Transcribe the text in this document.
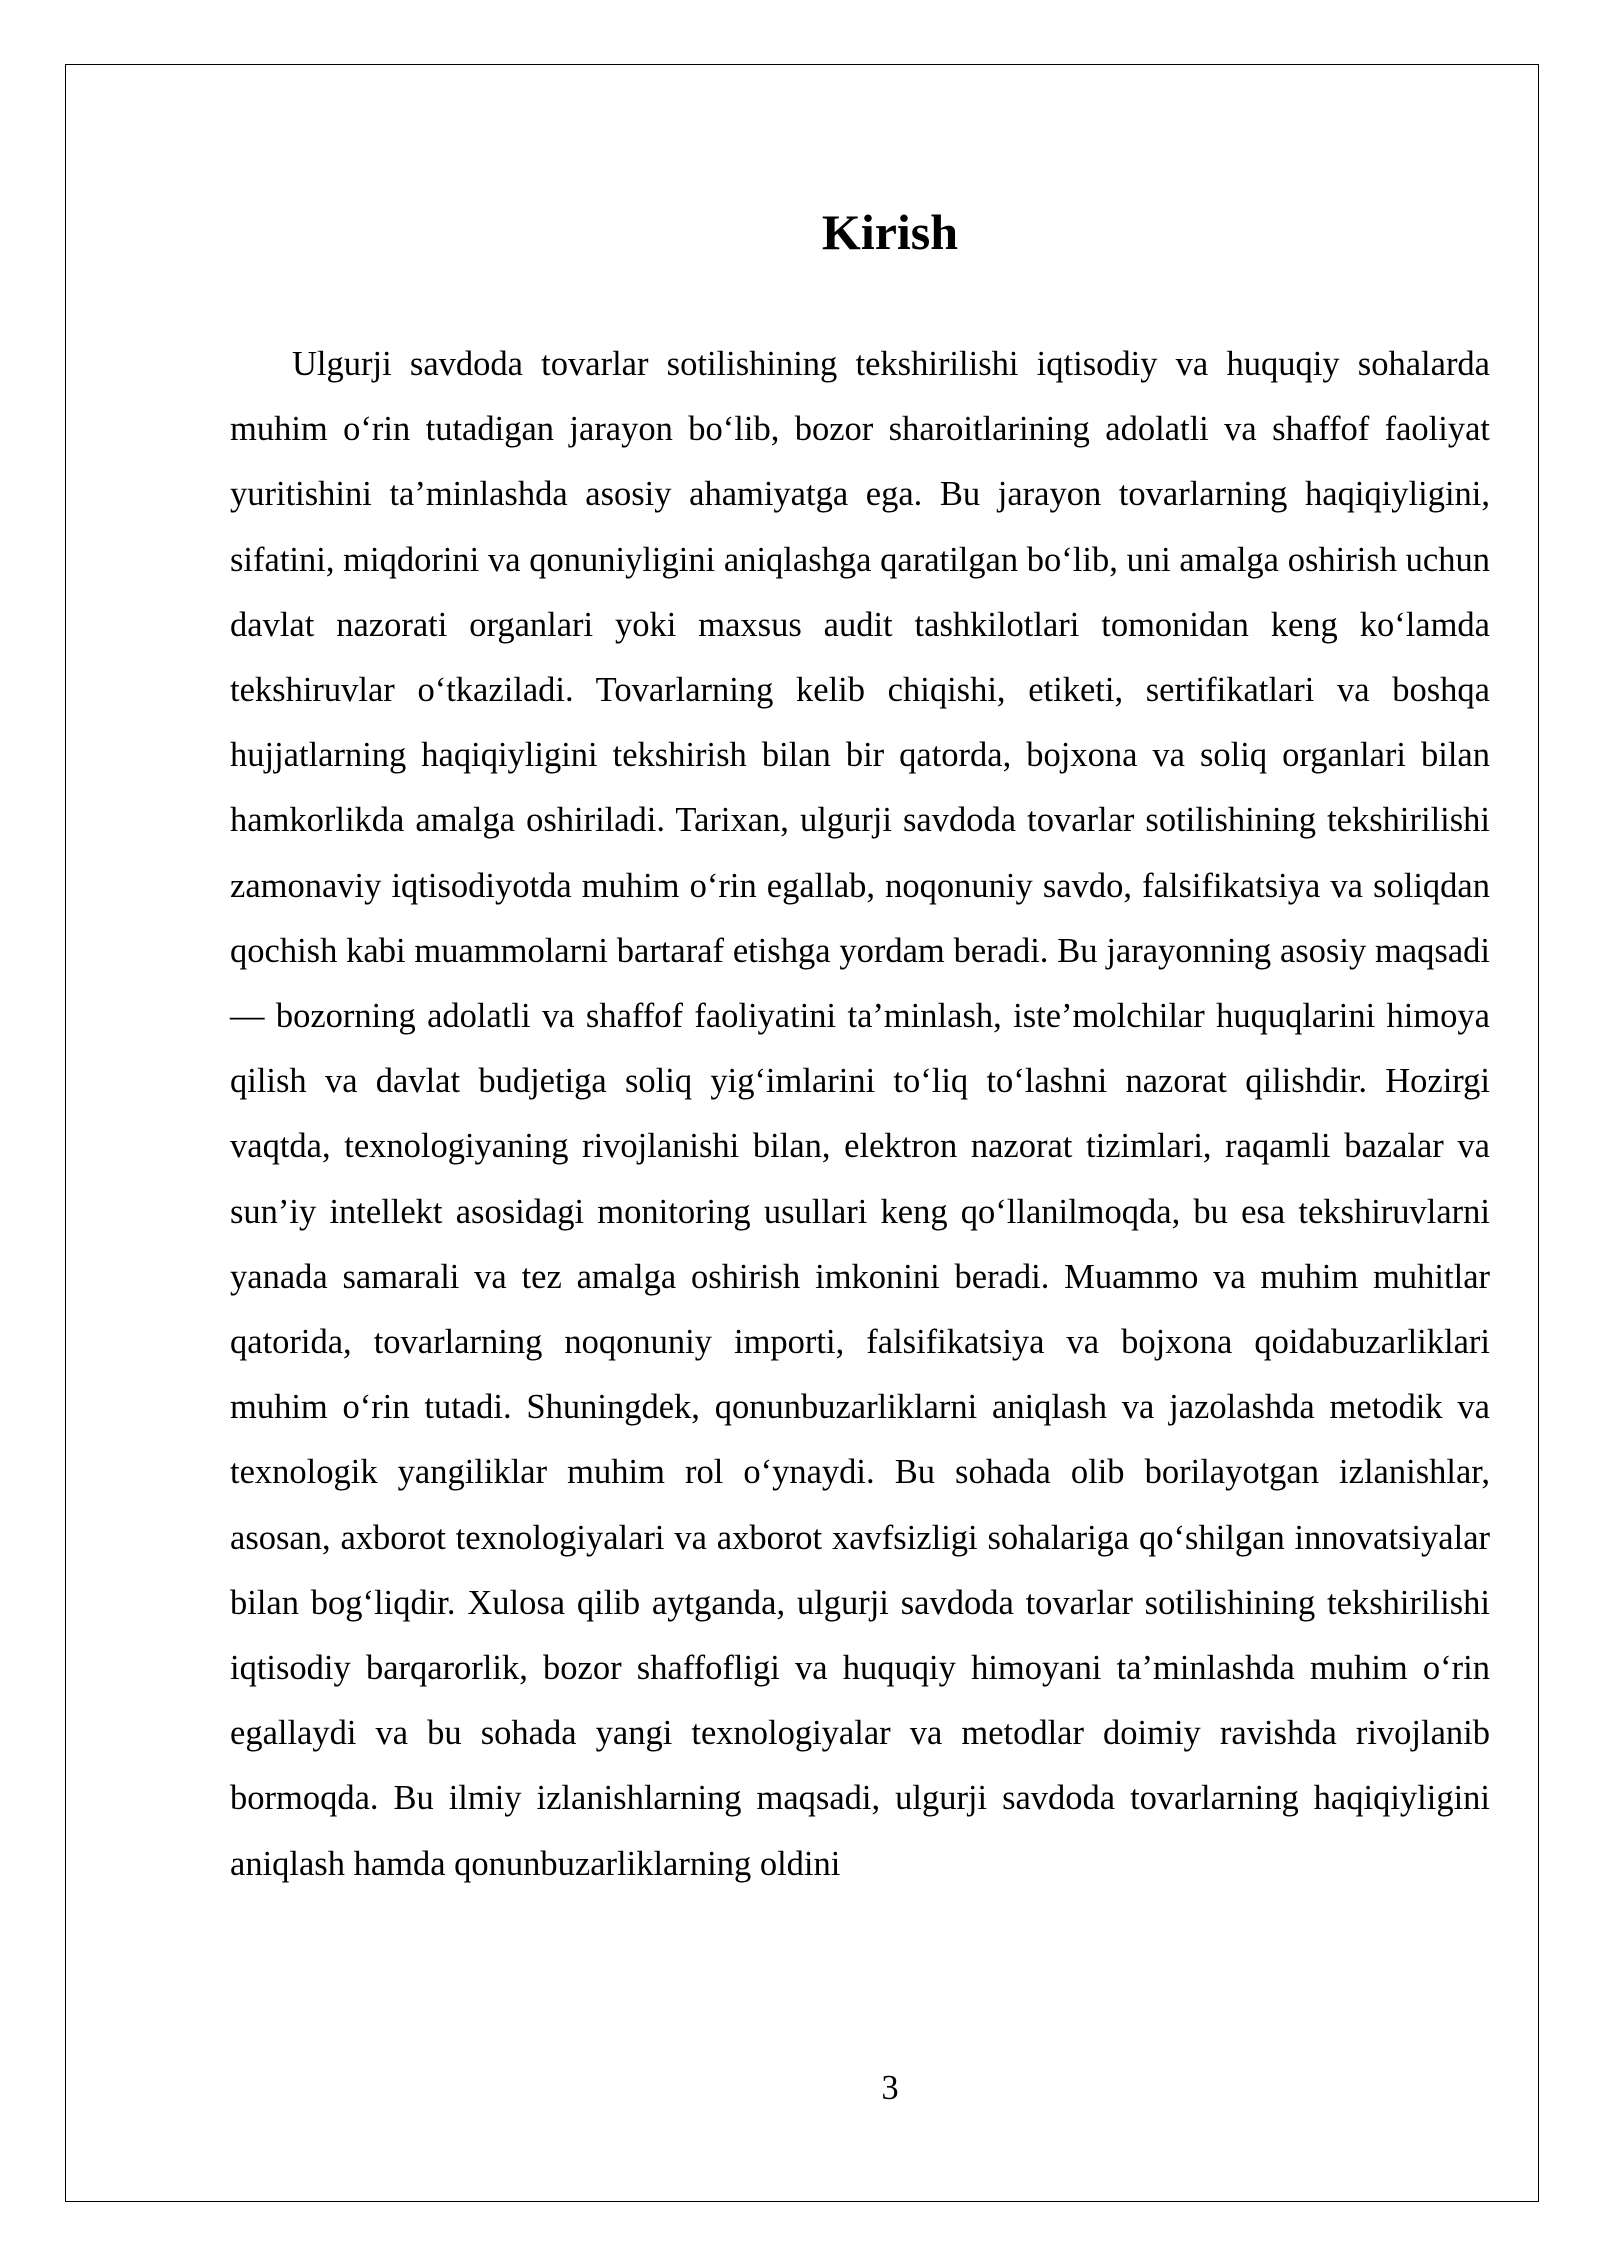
Kirish

Ulgurji savdoda tovarlar sotilishining tekshirilishi iqtisodiy va huquqiy sohalarda muhim o‘rin tutadigan jarayon bo‘lib, bozor sharoitlarining adolatli va shaffof faoliyat yuritishini ta’minlashda asosiy ahamiyatga ega. Bu jarayon tovarlarning haqiqiyligini, sifatini, miqdorini va qonuniyligini aniqlashga qaratilgan bo‘lib, uni amalga oshirish uchun davlat nazorati organlari yoki maxsus audit tashkilotlari tomonidan keng ko‘lamda tekshiruvlar o‘tkaziladi. Tovarlarning kelib chiqishi, etiketi, sertifikatlari va boshqa hujjatlarning haqiqiyligini tekshirish bilan bir qatorda, bojxona va soliq organlari bilan hamkorlikda amalga oshiriladi. Tarixan, ulgurji savdoda tovarlar sotilishining tekshirilishi zamonaviy iqtisodiyotda muhim o‘rin egallab, noqonuniy savdo, falsifikatsiya va soliqdan qochish kabi muammolarni bartaraf etishga yordam beradi. Bu jarayonning asosiy maqsadi — bozorning adolatli va shaffof faoliyatini ta’minlash, iste’molchilar huquqlarini himoya qilish va davlat budjetiga soliq yig‘imlarini to‘liq to‘lashni nazorat qilishdir. Hozirgi vaqtda, texnologiyaning rivojlanishi bilan, elektron nazorat tizimlari, raqamli bazalar va sun’iy intellekt asosidagi monitoring usullari keng qo‘llanilmoqda, bu esa tekshiruvlarni yanada samarali va tez amalga oshirish imkonini beradi. Muammo va muhim muhitlar qatorida, tovarlarning noqonuniy importi, falsifikatsiya va bojxona qoidabuzarliklari muhim o‘rin tutadi. Shuningdek, qonunbuzarliklarni aniqlash va jazolashda metodik va texnologik yangiliklar muhim rol o‘ynaydi. Bu sohada olib borilayotgan izlanishlar, asosan, axborot texnologiyalari va axborot xavfsizligi sohalariga qo‘shilgan innovatsiyalar bilan bog‘liqdir. Xulosa qilib aytganda, ulgurji savdoda tovarlar sotilishining tekshirilishi iqtisodiy barqarorlik, bozor shaffofligi va huquqiy himoyani ta’minlashda muhim o‘rin egallaydi va bu sohada yangi texnologiyalar va metodlar doimiy ravishda rivojlanib bormoqda. Bu ilmiy izlanishlarning maqsadi, ulgurji savdoda tovarlarning haqiqiyligini aniqlash hamda qonunbuzarliklarning oldini

3
